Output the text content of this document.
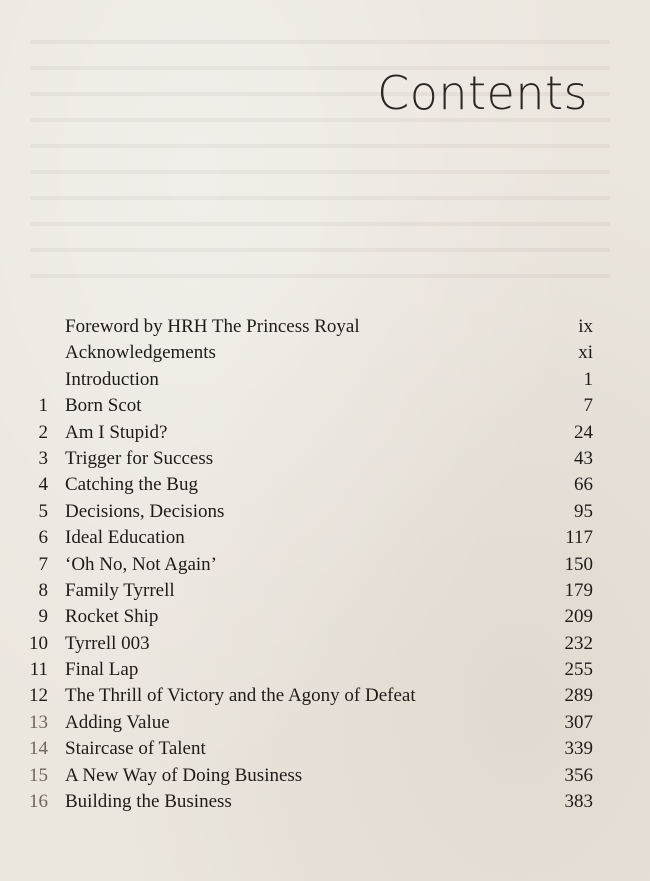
Contents
Foreword by HRH The Princess Royal	ix
Acknowledgements	xi
Introduction	1
1 Born Scot	7
2 Am I Stupid?	24
3 Trigger for Success	43
4 Catching the Bug	66
5 Decisions, Decisions	95
6 Ideal Education	117
7 ‘Oh No, Not Again’	150
8 Family Tyrrell	179
9 Rocket Ship	209
10 Tyrrell 003	232
11 Final Lap	255
12 The Thrill of Victory and the Agony of Defeat	289
13 Adding Value	307
14 Staircase of Talent	339
15 A New Way of Doing Business	356
16 Building the Business	383
